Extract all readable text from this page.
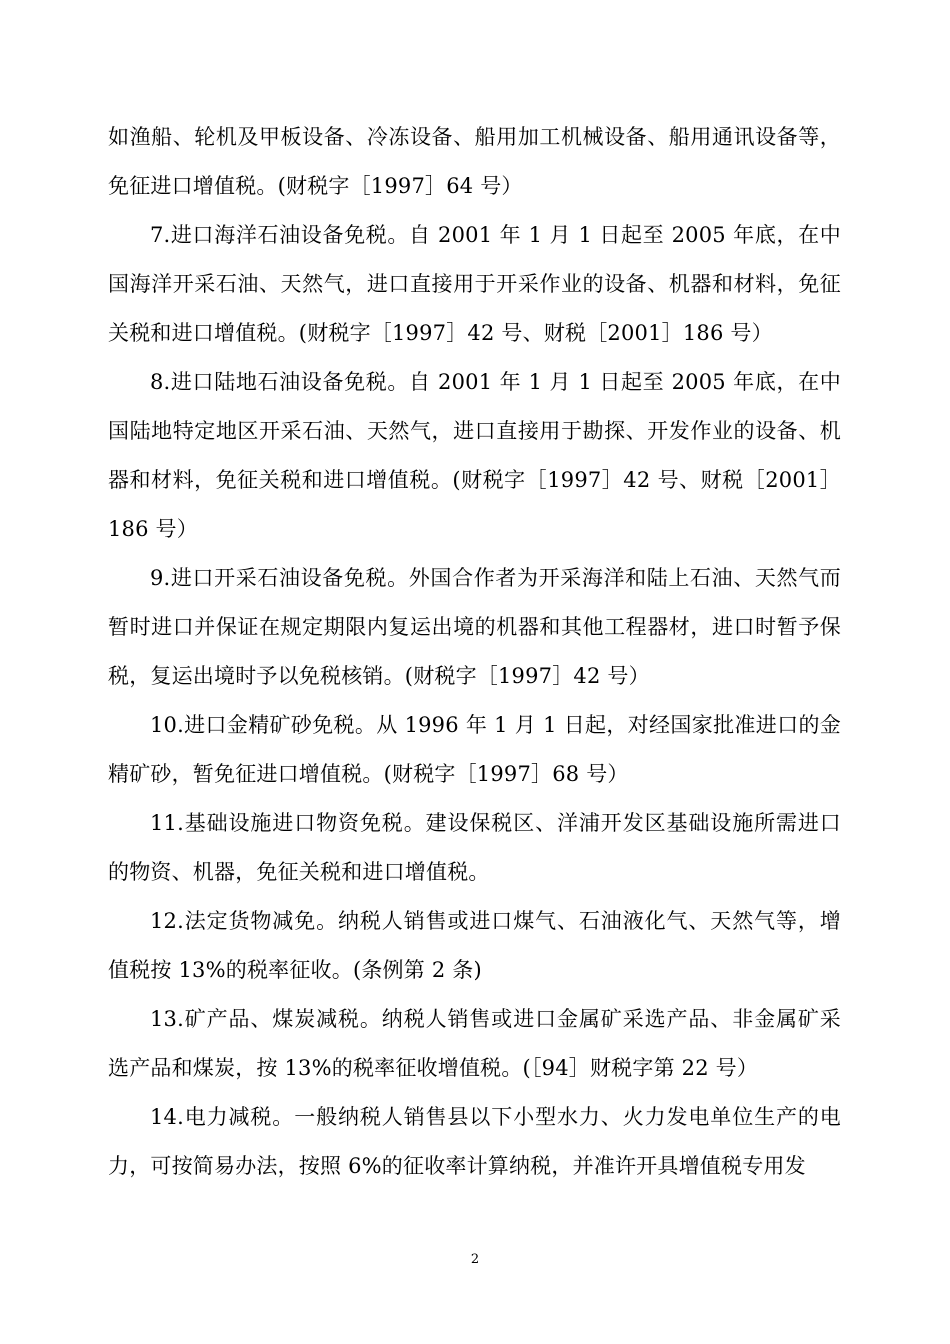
如渔船、轮机及甲板设备、冷冻设备、船用加工机械设备、船用通讯设备等，免征进口增值税。(财税字［1997］64 号）

7.进口海洋石油设备免税。自 2001 年 1 月 1 日起至 2005 年底，在中国海洋开采石油、天然气，进口直接用于开采作业的设备、机器和材料，免征关税和进口增值税。(财税字［1997］42 号、财税［2001］186 号）

8.进口陆地石油设备免税。自 2001 年 1 月 1 日起至 2005 年底，在中国陆地特定地区开采石油、天然气，进口直接用于勘探、开发作业的设备、机器和材料，免征关税和进口增值税。(财税字［1997］42 号、财税［2001］186 号）

9.进口开采石油设备免税。外国合作者为开采海洋和陆上石油、天然气而暂时进口并保证在规定期限内复运出境的机器和其他工程器材，进口时暂予保税，复运出境时予以免税核销。(财税字［1997］42 号）

10.进口金精矿砂免税。从 1996 年 1 月 1 日起，对经国家批准进口的金精矿砂，暂免征进口增值税。(财税字［1997］68 号）

11.基础设施进口物资免税。建设保税区、洋浦开发区基础设施所需进口的物资、机器，免征关税和进口增值税。

12.法定货物减免。纳税人销售或进口煤气、石油液化气、天然气等，增值税按 13%的税率征收。(条例第 2 条)

13.矿产品、煤炭减税。纳税人销售或进口金属矿采选产品、非金属矿采选产品和煤炭，按 13%的税率征收增值税。(［94］财税字第 22 号）

14.电力减税。一般纳税人销售县以下小型水力、火力发电单位生产的电力，可按简易办法，按照 6%的征收率计算纳税，并准许开具增值税专用发

2
